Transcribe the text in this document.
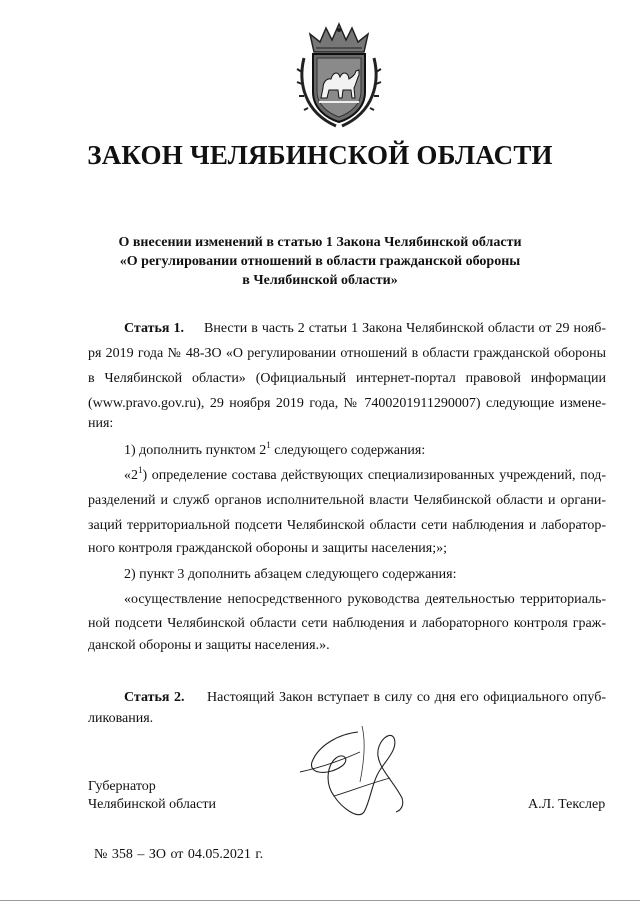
ЗАКОН ЧЕЛЯБИНСКОЙ ОБЛАСТИ
О внесении изменений в статью 1 Закона Челябинской области
«О регулировании отношений в области гражданской обороны
в Челябинской области»
Статья 1. Внести в часть 2 статьи 1 Закона Челябинской области от 29 нояб-
ря 2019 года № 48-ЗО «О регулировании отношений в области гражданской обороны
в Челябинской области» (Официальный интернет-портал правовой информации
(www.pravo.gov.ru), 29 ноября 2019 года, № 7400201911290007) следующие измене-
ния:
1) дополнить пунктом $2^1$ следующего содержания:
«$2^1$) определение состава действующих специализированных учреждений, под-
разделений и служб органов исполнительной власти Челябинской области и органи-
заций территориальной подсети Челябинской области сети наблюдения и лаборатор-
ного контроля гражданской обороны и защиты населения;»;
2) пункт 3 дополнить абзацем следующего содержания:
«осуществление непосредственного руководства деятельностью территориаль-
ной подсети Челябинской области сети наблюдения и лабораторного контроля граж-
данской обороны и защиты населения.».
Статья 2. Настоящий Закон вступает в силу со дня его официального опуб-
ликования.
Губернатор
Челябинской области	А.Л. Текслер
№ 358 – ЗО от 04.05.2021 г.
